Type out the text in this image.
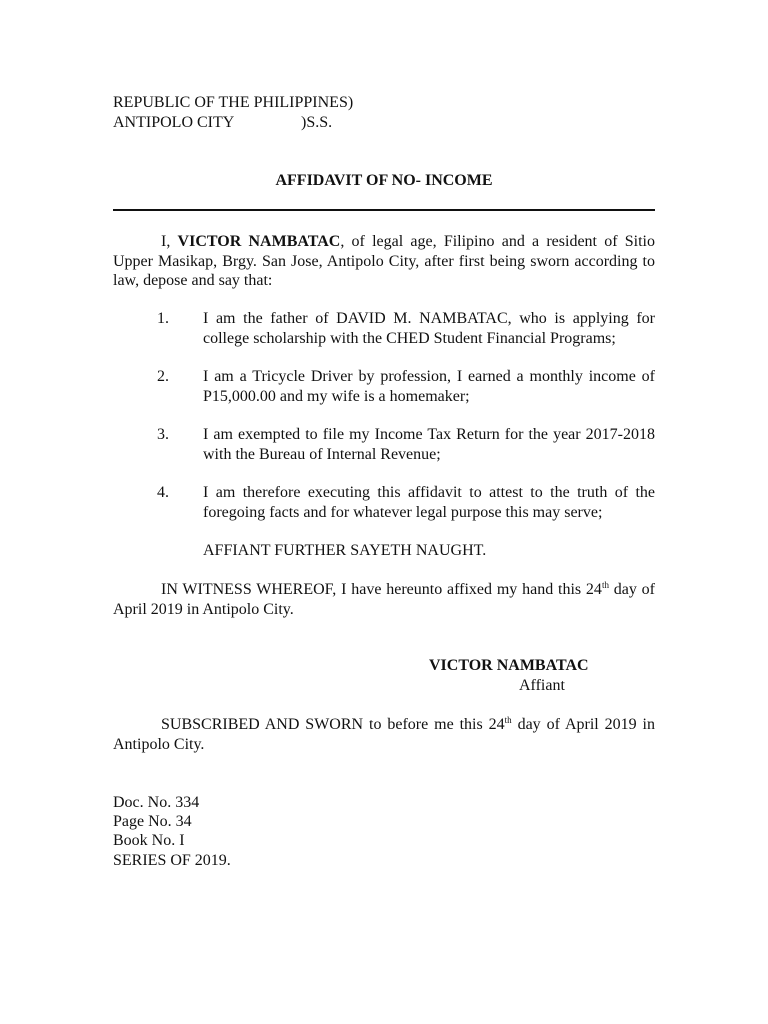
REPUBLIC OF THE PHILIPPINES)
ANTIPOLO CITY	)S.S.
AFFIDAVIT OF NO- INCOME
I, VICTOR NAMBATAC, of legal age, Filipino and a resident of Sitio Upper Masikap, Brgy. San Jose, Antipolo City, after first being sworn according to law, depose and say that:
1. I am the father of DAVID M. NAMBATAC, who is applying for college scholarship with the CHED Student Financial Programs;
2. I am a Tricycle Driver by profession, I earned a monthly income of P15,000.00 and my wife is a homemaker;
3. I am exempted to file my Income Tax Return for the year 2017-2018 with the Bureau of Internal Revenue;
4. I am therefore executing this affidavit to attest to the truth of the foregoing facts and for whatever legal purpose this may serve;
AFFIANT FURTHER SAYETH NAUGHT.
IN WITNESS WHEREOF, I have hereunto affixed my hand this 24th day of April 2019 in Antipolo City.
VICTOR NAMBATAC
Affiant
SUBSCRIBED AND SWORN to before me this 24th day of April 2019 in Antipolo City.
Doc. No. 334
Page No. 34
Book No. I
SERIES OF 2019.
